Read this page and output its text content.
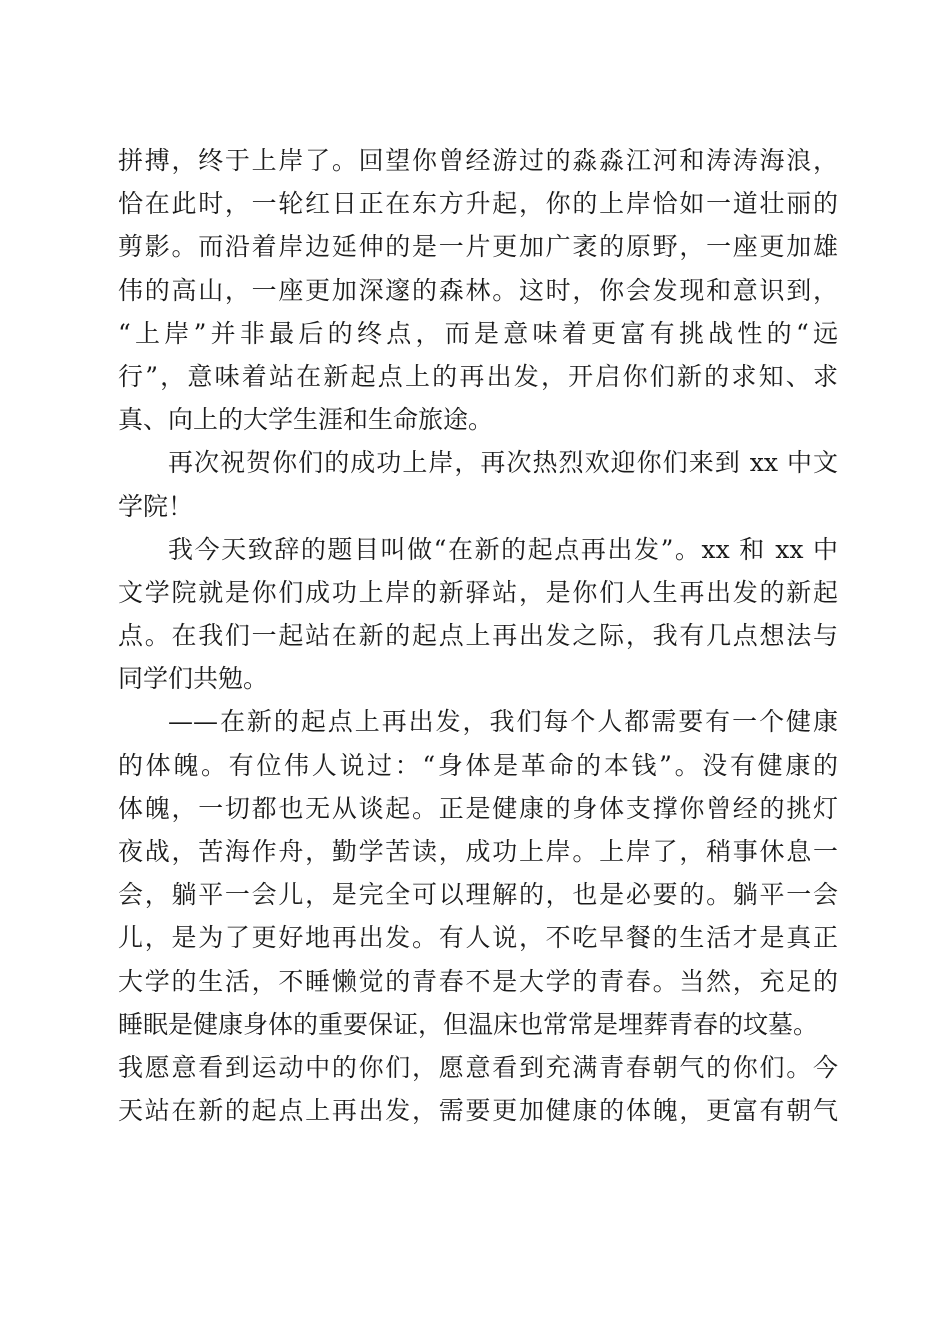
拼搏，终于上岸了。回望你曾经游过的淼淼江河和涛涛海浪，
恰在此时，一轮红日正在东方升起，你的上岸恰如一道壮丽的
剪影。而沿着岸边延伸的是一片更加广袤的原野，一座更加雄
伟的高山，一座更加深邃的森林。这时，你会发现和意识到，
“上岸”并非最后的终点，而是意味着更富有挑战性的“远
行”，意味着站在新起点上的再出发，开启你们新的求知、求
真、向上的大学生涯和生命旅途。
再次祝贺你们的成功上岸，再次热烈欢迎你们来到 xx 中文
学院！
我今天致辞的题目叫做“在新的起点再出发”。xx 和 xx 中
文学院就是你们成功上岸的新驿站，是你们人生再出发的新起
点。在我们一起站在新的起点上再出发之际，我有几点想法与
同学们共勉。
——在新的起点上再出发，我们每个人都需要有一个健康
的体魄。有位伟人说过：“身体是革命的本钱”。没有健康的
体魄，一切都也无从谈起。正是健康的身体支撑你曾经的挑灯
夜战，苦海作舟，勤学苦读，成功上岸。上岸了，稍事休息一
会，躺平一会儿，是完全可以理解的，也是必要的。躺平一会
儿，是为了更好地再出发。有人说，不吃早餐的生活才是真正
大学的生活，不睡懒觉的青春不是大学的青春。当然，充足的
睡眠是健康身体的重要保证，但温床也常常是埋葬青春的坟墓。
我愿意看到运动中的你们，愿意看到充满青春朝气的你们。今
天站在新的起点上再出发，需要更加健康的体魄，更富有朝气
